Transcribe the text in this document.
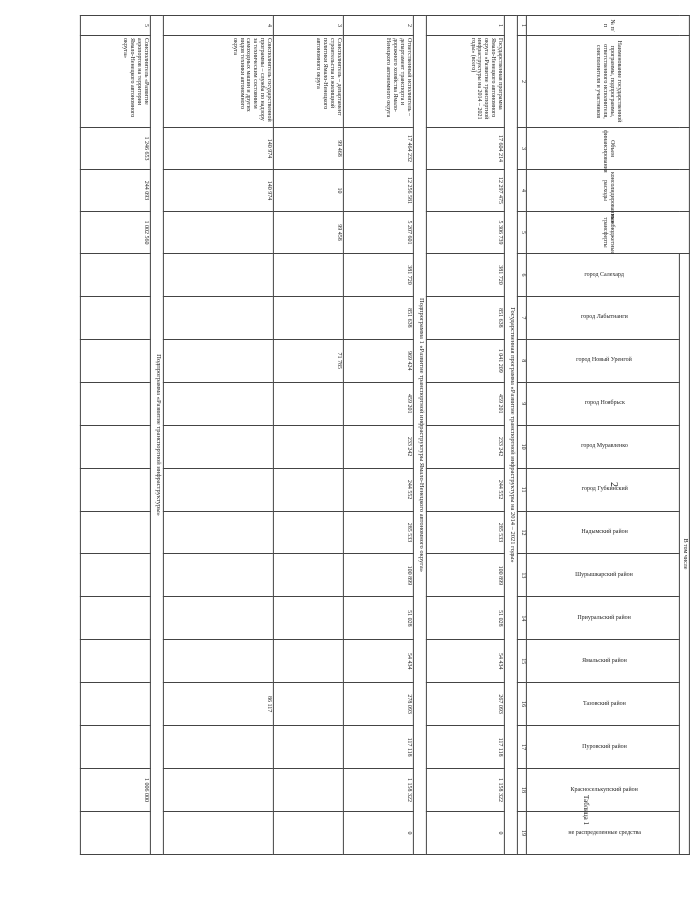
2
Таблица 1
№ п/п	Наименование государственной программы, подпрограммы, ответственного исполнителя, соисполнителя и участников	Объем финансирования	консолидированные расходы	межбюджетные трансферты	В том числе													
					город Салехард	город Лабытнанги	город Новый Уренгой	город Ноябрьск	город Муравленко	город Губкинский	Надымский район	Шурышкарский район	Приуральский район	Ямальский район	Тазовский район	Пуровский район	Красноселькупский район	не распределенные средства
1	2	3	4	5	6	7	8	9	10	11	12	13	14	15	16	17	18	19
Государственная программа «Развитие транспортной инфраструктуры на 2014 – 2021 годы»																		
1	Государственная программа Ямало-Ненецкого автономного округа «Развитие транспортной инфраструктуры на 2014 – 2021 годы» (всего)	17 604 214	12 297 475	5 306 739	381 720	851 638	1 041 209	459 201	233 242	244 552	285 533	100 899	51 028	54 434	267 093	117 118	1 158 322	0
Подпрограмма 1 «Развитие транспортной инфраструктуры Ямало-Ненецкого автономного округа»																		
2	Ответственный исполнитель – департамент транспорта и дорожного хозяйства Ямало-Ненецкого автономного округа	17 464 232	12 256 581	5 207 601	381 720	851 638	969 424	459 201	233 242	244 552	285 533	100 899	51 028	54 434	278 093	117 118	1 158 322	0
3	Соисполнитель – департамент строительства и жилищной политики Ямало-Ненецкого автономного округа	99 468	10	99 458			71 785											
4	Соисполнитель государственной программы – служба по надзору за техническим состоянием самоходных машин и других видов техники автономного округа	140 974	140 974												86 117			
Подпрограмма «Развитие транспортной инфраструктуры»																		
5	Соисполнитель «Развитие аэропортов на территории Ямало-Ненецкого автономного округа»	1 246 653	244 093	1 002 560													1 006 000	
